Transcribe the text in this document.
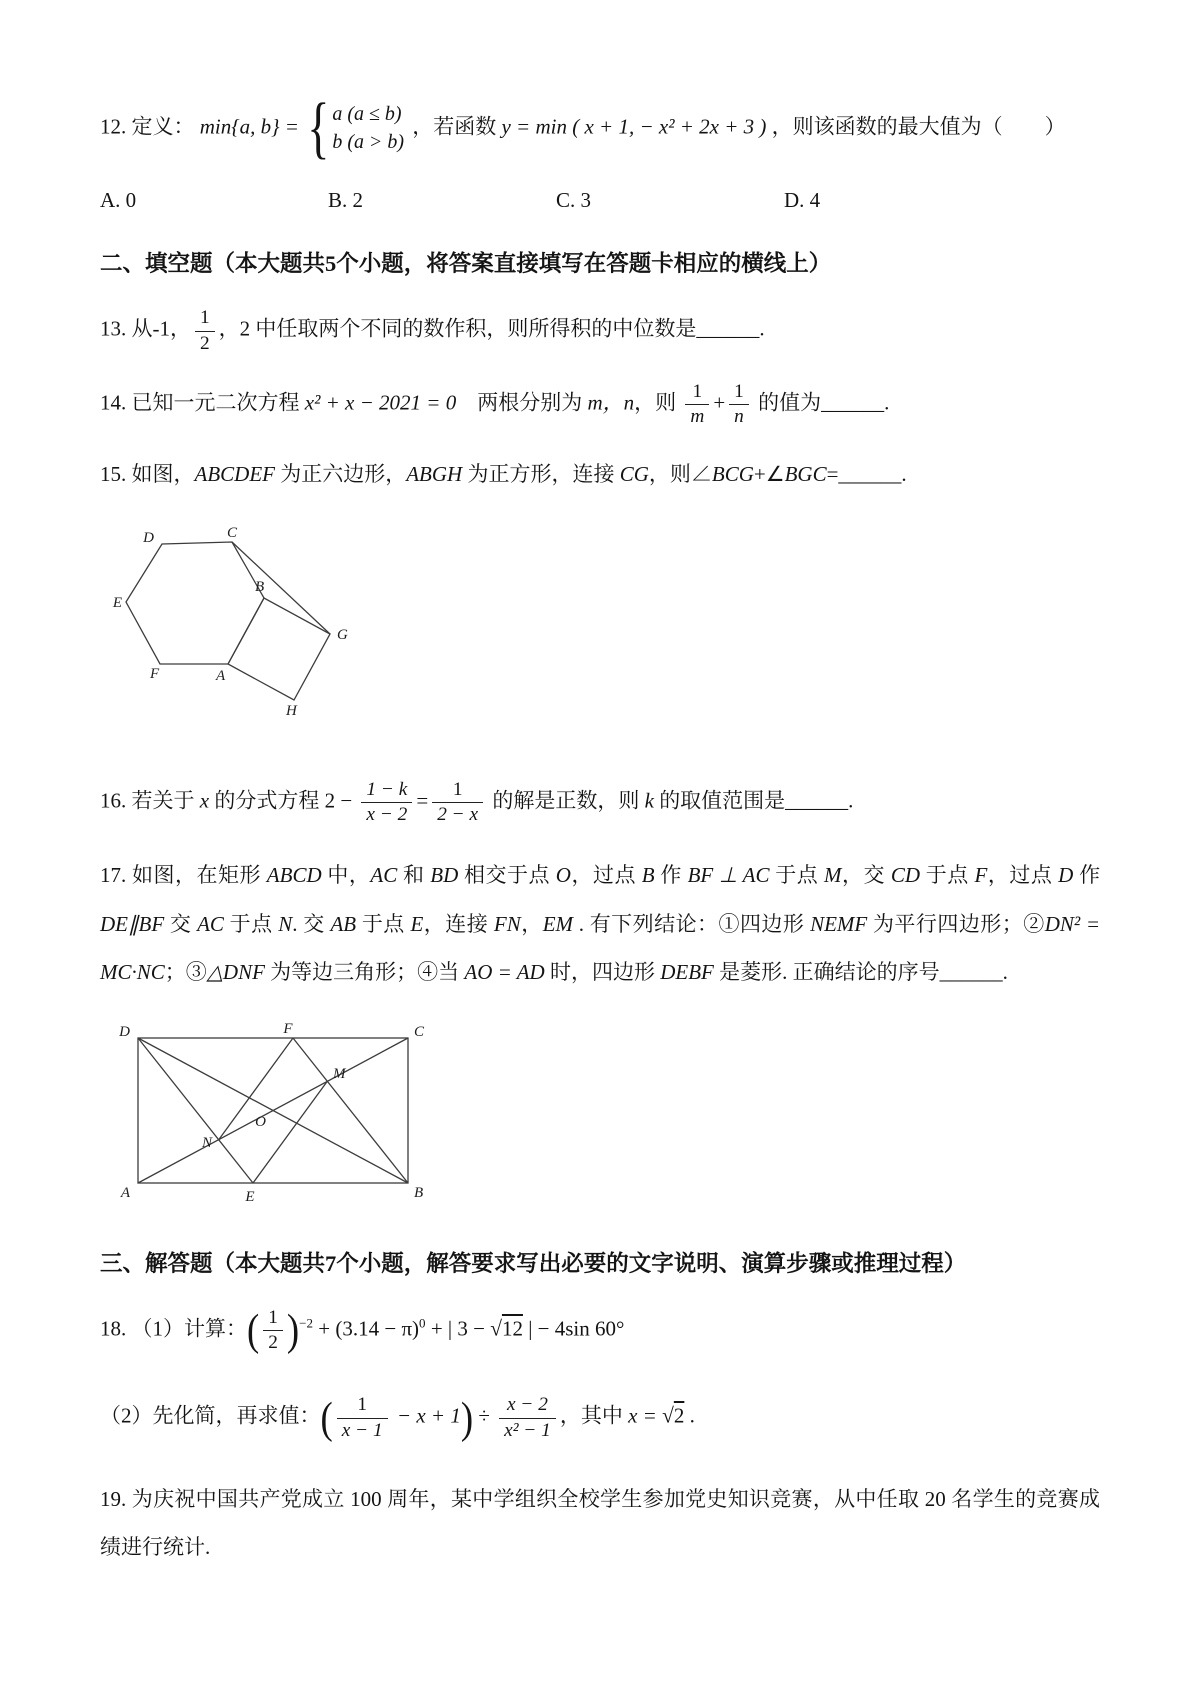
12. 定义： min{a, b} = { a (a ≤ b)
b (a > b)
，若函数 y = min ( x + 1, − x² + 2x + 3 ) ，则该函数的最大值为（　　）
A. 0	B. 2	C. 3	D. 4
二、填空题（本大题共5个小题，将答案直接填写在答题卡相应的横线上）
13. 从-1， $\frac{1}{2}$ ，2 中任取两个不同的数作积，则所得积的中位数是______.
14. 已知一元二次方程 x² + x − 2021 = 0　两根分别为 m，n，则 $\frac{1}{m} + \frac{1}{n}$ 的值为______.
15. 如图，ABCDEF 为正六边形，ABGH 为正方形，连接 CG，则∠BCG+∠BGC=______.
D	C
E
B
G
F	A
H
16. 若关于 x 的分式方程 $2 - \frac{1 - k}{x - 2} = \frac{1}{2 - x}$ 的解是正数，则 k 的取值范围是______.
17. 如图，在矩形 ABCD 中，AC 和 BD 相交于点 O，过点 B 作 BF ⊥ AC 于点 M，交 CD 于点 F，过点 D 作 DE∥BF 交 AC 于点 N. 交 AB 于点 E，连接 FN，EM . 有下列结论：①四边形 NEMF 为平行四边形；②DN² = MC·NC；③△DNF 为等边三角形；④当 AO = AD 时，四边形 DEBF 是菱形. 正确结论的序号______.
D	F	C
M
N
O
A	E	B
三、解答题（本大题共7个小题，解答要求写出必要的文字说明、演算步骤或推理过程）
18. （1）计算：( $\frac{1}{2} )^{-2} + (3.14 - \pi)^0$ + | 3 − √12 | − 4sin 60°
（2）先化简，再求值：( $\frac{1}{x - 1} - x + 1) \div \frac{x - 2}{\text{x² − 1}}$ ，其中 x = √2 .
19. 为庆祝中国共产党成立 100 周年，某中学组织全校学生参加党史知识竞赛，从中任取 20 名学生的竞赛成绩进行统计.
